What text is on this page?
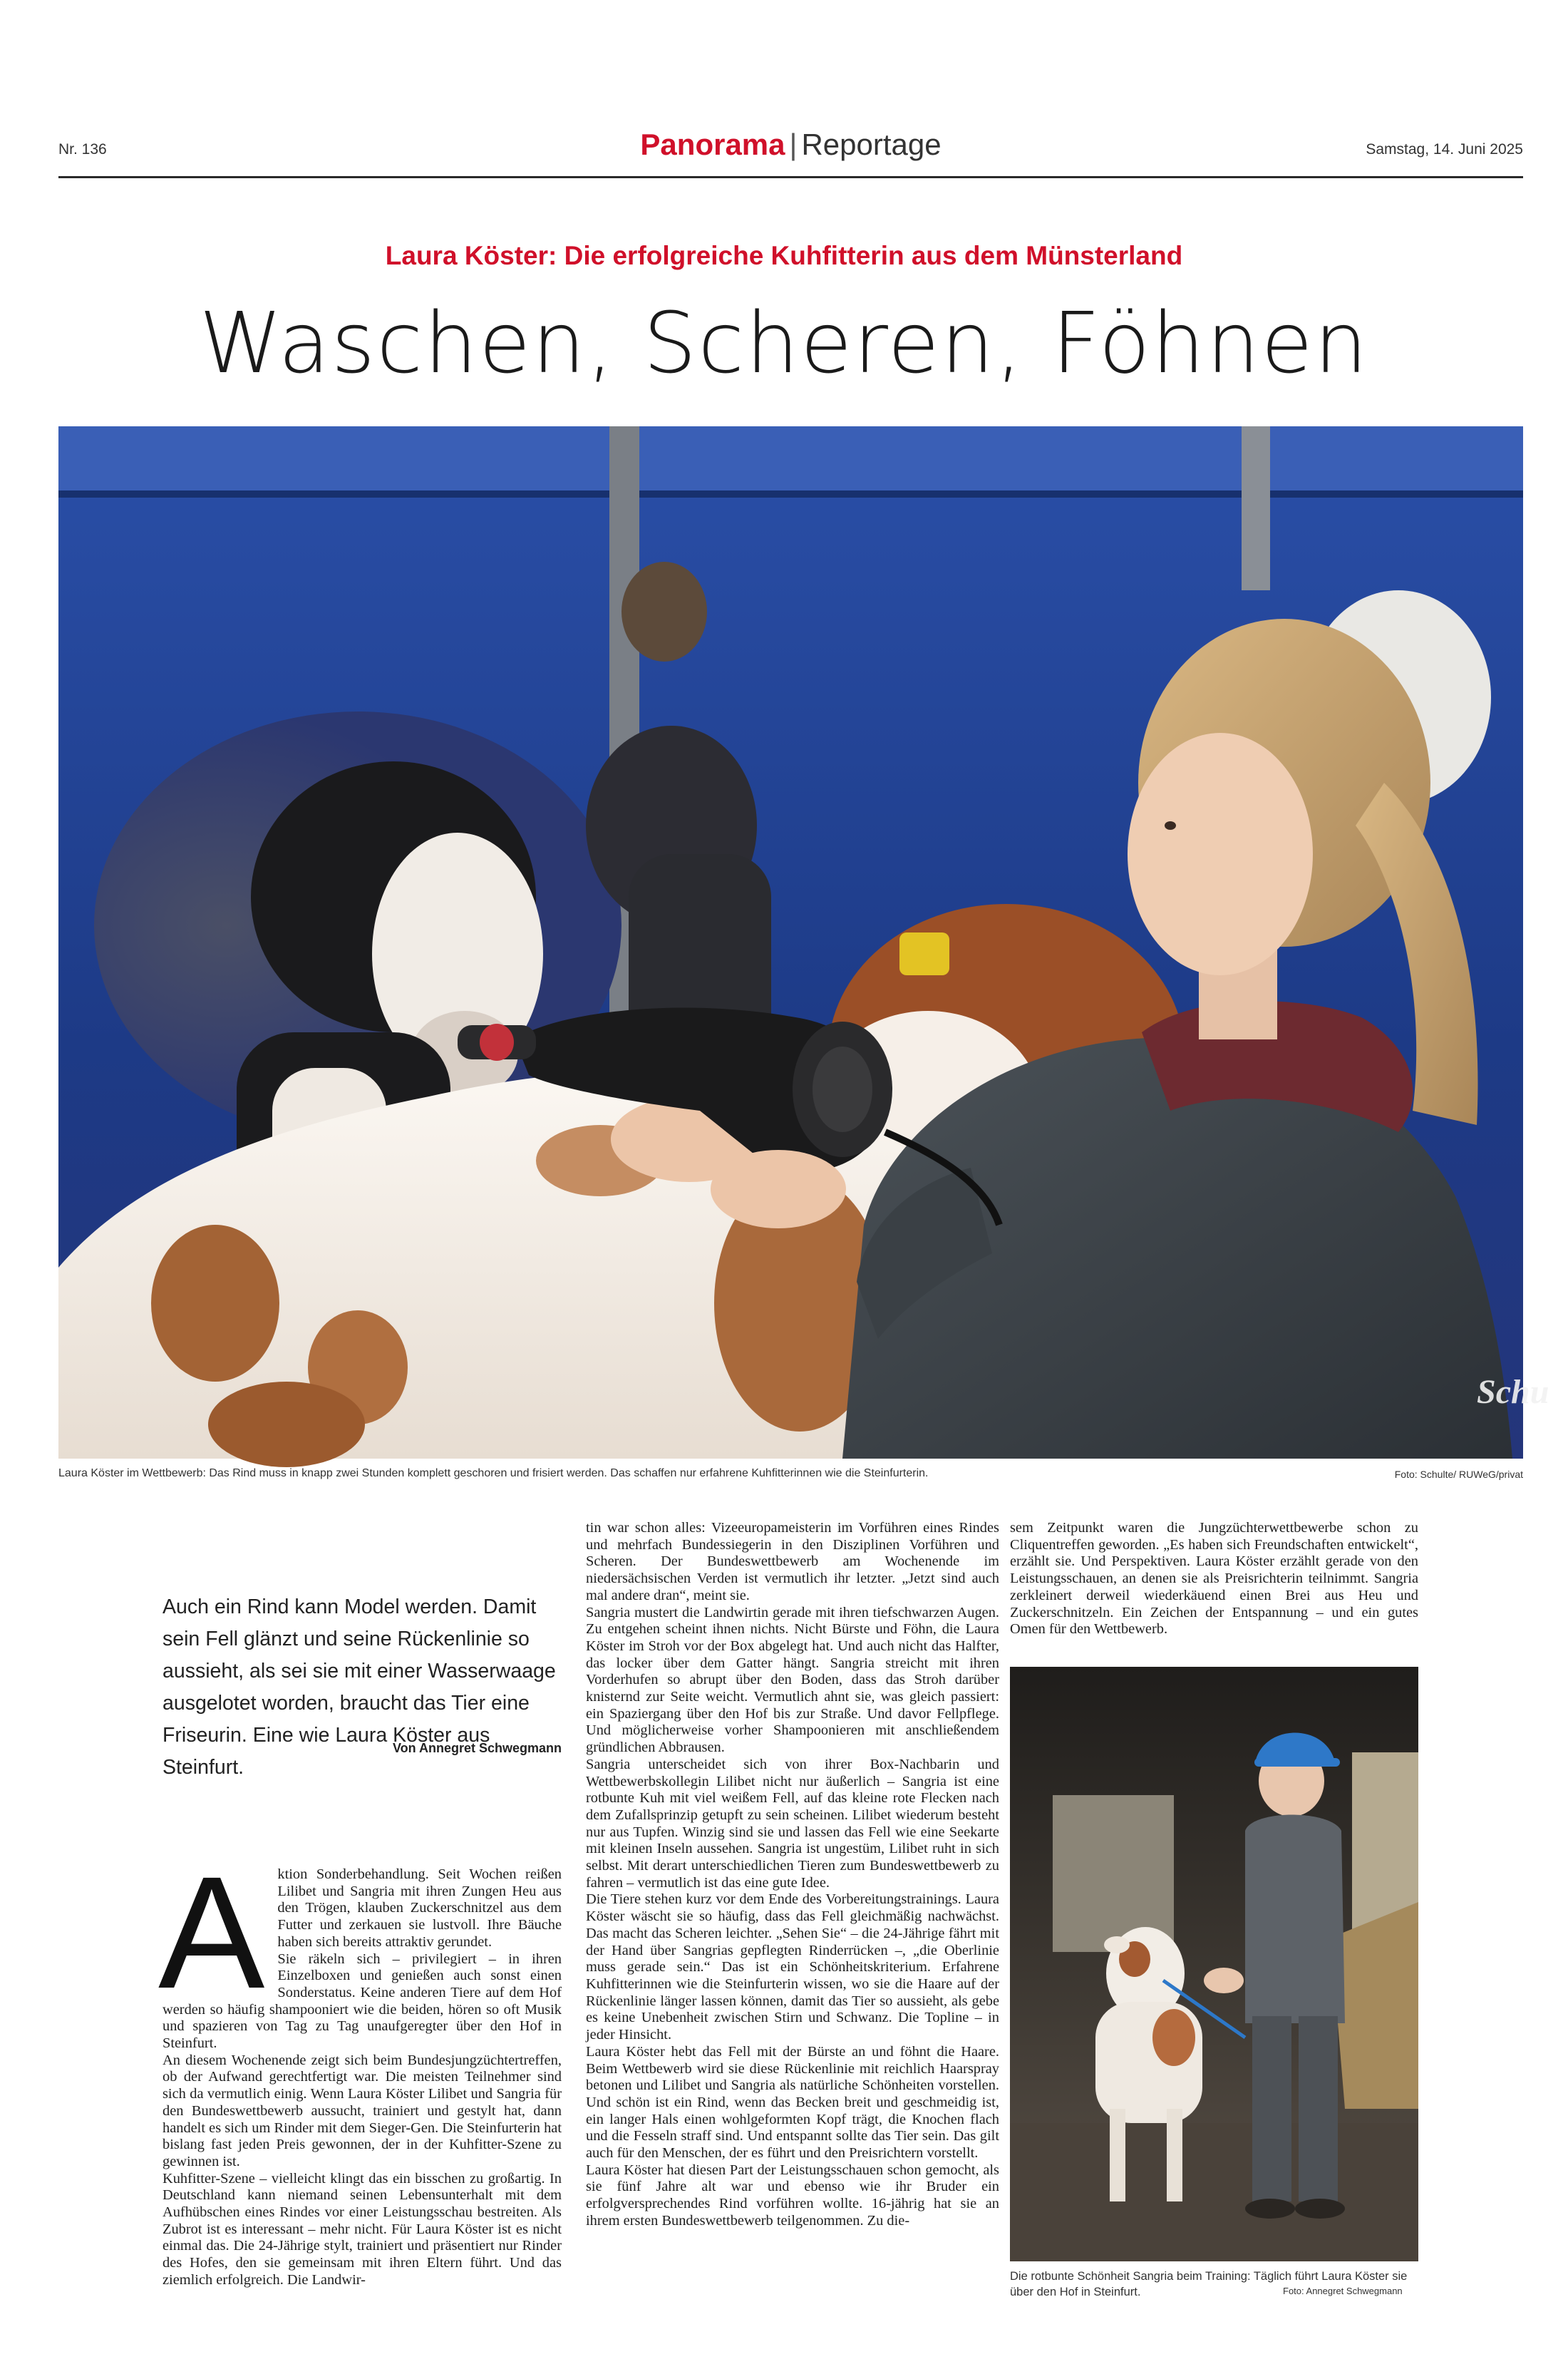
Nr. 136	Panorama | Reportage	Samstag, 14. Juni 2025
Laura Köster: Die erfolgreiche Kuhfitterin aus dem Münsterland
Waschen, Scheren, Föhnen
Schu
Laura Köster im Wettbewerb: Das Rind muss in knapp zwei Stunden komplett geschoren und frisiert werden. Das schaffen nur erfahrene Kuhfitterinnen wie die Steinfurterin.	Foto: Schulte/ RUWeG/privat
Auch ein Rind kann Model werden. Damit sein Fell glänzt und seine Rückenlinie so aussieht, als sei sie mit einer Wasserwaage ausgelotet worden, braucht das Tier eine Friseurin. Eine wie Laura Köster aus Steinfurt.
Von Annegret Schwegmann
A ktion Sonderbehandlung. Seit Wochen reißen Lilibet und Sangria mit ihren Zungen Heu aus den Trögen, klauben Zuckerschnitzel aus dem Futter und zerkauen sie lustvoll. Ihre Bäuche haben sich bereits attraktiv gerundet.

Sie räkeln sich – privilegiert – in ihren Einzelboxen und genießen auch sonst einen Sonderstatus. Keine anderen Tiere auf dem Hof werden so häufig shampooniert wie die beiden, hören so oft Musik und spazieren von Tag zu Tag unaufgeregter über den Hof in Steinfurt.

An diesem Wochenende zeigt sich beim Bundesjungzüchtertreffen, ob der Aufwand gerechtfertigt war. Die meisten Teilnehmer sind sich da vermutlich einig. Wenn Laura Köster Lilibet und Sangria für den Bundeswettbewerb aussucht, trainiert und gestylt hat, dann handelt es sich um Rinder mit dem Sieger-Gen. Die Steinfurterin hat bislang fast jeden Preis gewonnen, der in der Kuhfitter-Szene zu gewinnen ist.

Kuhfitter-Szene – vielleicht klingt das ein bisschen zu großartig. In Deutschland kann niemand seinen Lebensunterhalt mit dem Aufhübschen eines Rindes vor einer Leistungsschau bestreiten. Als Zubrot ist es interessant – mehr nicht. Für Laura Köster ist es nicht einmal das. Die 24-Jährige stylt, trainiert und präsentiert nur Rinder des Hofes, den sie gemeinsam mit ihren Eltern führt. Und das ziemlich erfolgreich. Die Landwir-

tin war schon alles: Vizeeuropameisterin im Vorführen eines Rindes und mehrfach Bundessiegerin in den Disziplinen Vorführen und Scheren. Der Bundeswettbewerb am Wochenende im niedersächsischen Verden ist vermutlich ihr letzter. „Jetzt sind auch mal andere dran“, meint sie.

Sangria mustert die Landwirtin gerade mit ihren tiefschwarzen Augen. Zu entgehen scheint ihnen nichts. Nicht Bürste und Föhn, die Laura Köster im Stroh vor der Box abgelegt hat. Und auch nicht das Halfter, das locker über dem Gatter hängt. Sangria streicht mit ihren Vorderhufen so abrupt über den Boden, dass das Stroh darüber knisternd zur Seite weicht. Vermutlich ahnt sie, was gleich passiert: ein Spaziergang über den Hof bis zur Straße. Und davor Fellpflege. Und möglicherweise vorher Shampoonieren mit anschließendem gründlichen Abbrausen.

Sangria unterscheidet sich von ihrer Box-Nachbarin und Wettbewerbskollegin Lilibet nicht nur äußerlich – Sangria ist eine rotbunte Kuh mit viel weißem Fell, auf das kleine rote Flecken nach dem Zufallsprinzip getupft zu sein scheinen. Lilibet wiederum besteht nur aus Tupfen. Winzig sind sie und lassen das Fell wie eine Seekarte mit kleinen Inseln aussehen. Sangria ist ungestüm, Lilibet ruht in sich selbst. Mit derart unterschiedlichen Tieren zum Bundeswettbewerb zu fahren – vermutlich ist das eine gute Idee.

Die Tiere stehen kurz vor dem Ende des Vorbereitungstrainings. Laura Köster wäscht sie so häufig, dass das Fell gleichmäßig nachwächst. Das macht das Scheren leichter. „Sehen Sie“ – die 24-Jährige fährt mit der Hand über Sangrias gepflegten Rinderrücken –, „die Oberlinie muss gerade sein.“ Das ist ein Schönheitskriterium. Erfahrene Kuhfitterinnen wie die Steinfurterin wissen, wo sie die Haare auf der Rückenlinie länger lassen können, damit das Tier so aussieht, als gebe es keine Unebenheit zwischen Stirn und Schwanz. Die Topline – in jeder Hinsicht.

Laura Köster hebt das Fell mit der Bürste an und föhnt die Haare. Beim Wettbewerb wird sie diese Rückenlinie mit reichlich Haarspray betonen und Lilibet und Sangria als natürliche Schönheiten vorstellen. Und schön ist ein Rind, wenn das Becken breit und geschmeidig ist, ein langer Hals einen wohlgeformten Kopf trägt, die Knochen flach und die Fesseln straff sind. Und entspannt sollte das Tier sein. Das gilt auch für den Menschen, der es führt und den Preisrichtern vorstellt.

Laura Köster hat diesen Part der Leistungsschauen schon gemocht, als sie fünf Jahre alt war und ebenso wie ihr Bruder ein erfolgversprechendes Rind vorführen wollte. 16-jährig hat sie an ihrem ersten Bundeswettbewerb teilgenommen. Zu die-

sem Zeitpunkt waren die Jungzüchterwettbewerbe schon zu Cliquentreffen geworden. „Es haben sich Freundschaften entwickelt“, erzählt sie. Und Perspektiven. Laura Köster erzählt gerade von den Leistungsschauen, an denen sie als Preisrichterin teilnimmt. Sangria zerkleinert derweil wiederkäuend einen Brei aus Heu und Zuckerschnitzeln. Ein Zeichen der Entspannung – und ein gutes Omen für den Wettbewerb.

Die rotbunte Schönheit Sangria beim Training: Täglich führt Laura Köster sie über den Hof in Steinfurt.	Foto: Annegret Schwegmann
